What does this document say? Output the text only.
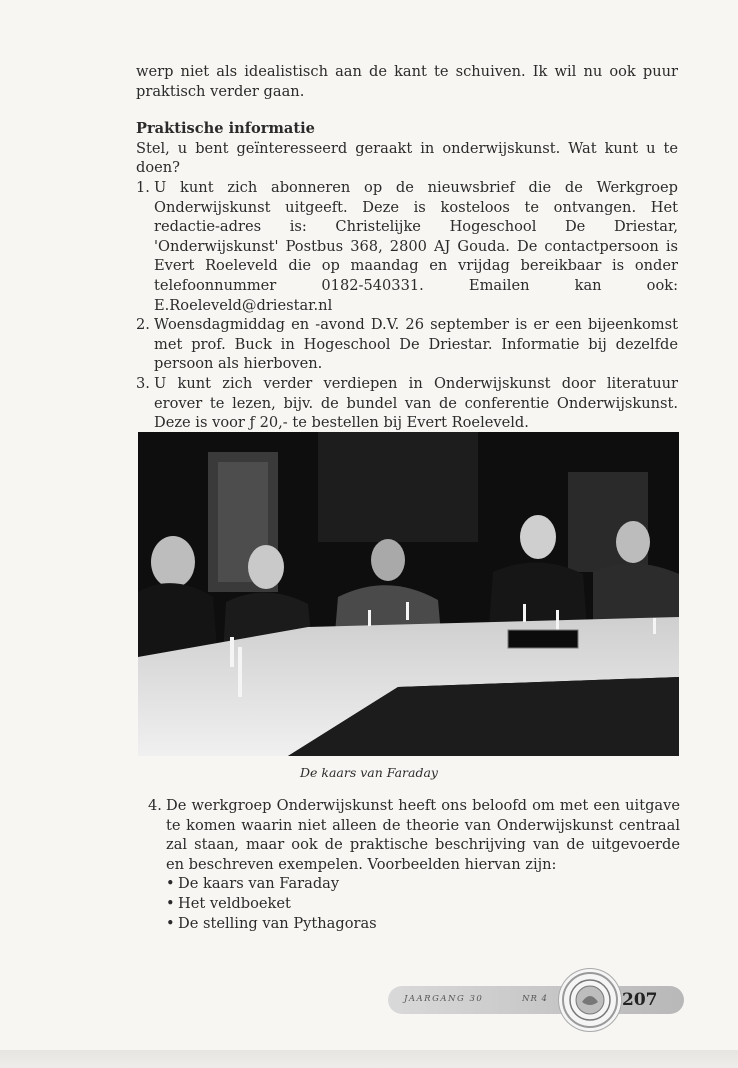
werp niet als idealistisch aan de kant te schuiven. Ik wil nu ook puur praktisch verder gaan.

Praktische informatie

Stel, u bent geïnteresseerd geraakt in onderwijskunst. Wat kunt u te doen?

1. U kunt zich abonneren op de nieuwsbrief die de Werkgroep Onderwijskunst uitgeeft. Deze is kosteloos te ontvangen. Het redactie-adres is: Christelijke Hogeschool De Driestar, 'Onderwijskunst' Postbus 368, 2800 AJ Gouda. De contactpersoon is Evert Roeleveld die op maandag en vrijdag bereikbaar is onder telefoonnummer 0182-540331. Emailen kan ook: E.Roeleveld@driestar.nl
2. Woensdagmiddag en -avond D.V. 26 september is er een bijeenkomst met prof. Buck in Hogeschool De Driestar. Informatie bij dezelfde persoon als hierboven.
3. U kunt zich verder verdiepen in Onderwijskunst door literatuur erover te lezen, bijv. de bundel van de conferentie Onderwijskunst. Deze is voor ƒ 20,- te bestellen bij Evert Roeleveld.
De kaars van Faraday
4. De werkgroep Onderwijskunst heeft ons beloofd om met een uitgave te komen waarin niet alleen de theorie van Onderwijskunst centraal zal staan, maar ook de praktische beschrijving van de uitgevoerde en beschreven exempelen. Voorbeelden hiervan zijn:
• De kaars van Faraday
• Het veldboeket
• De stelling van Pythagoras
JAARGANG 30	NR 4	207
